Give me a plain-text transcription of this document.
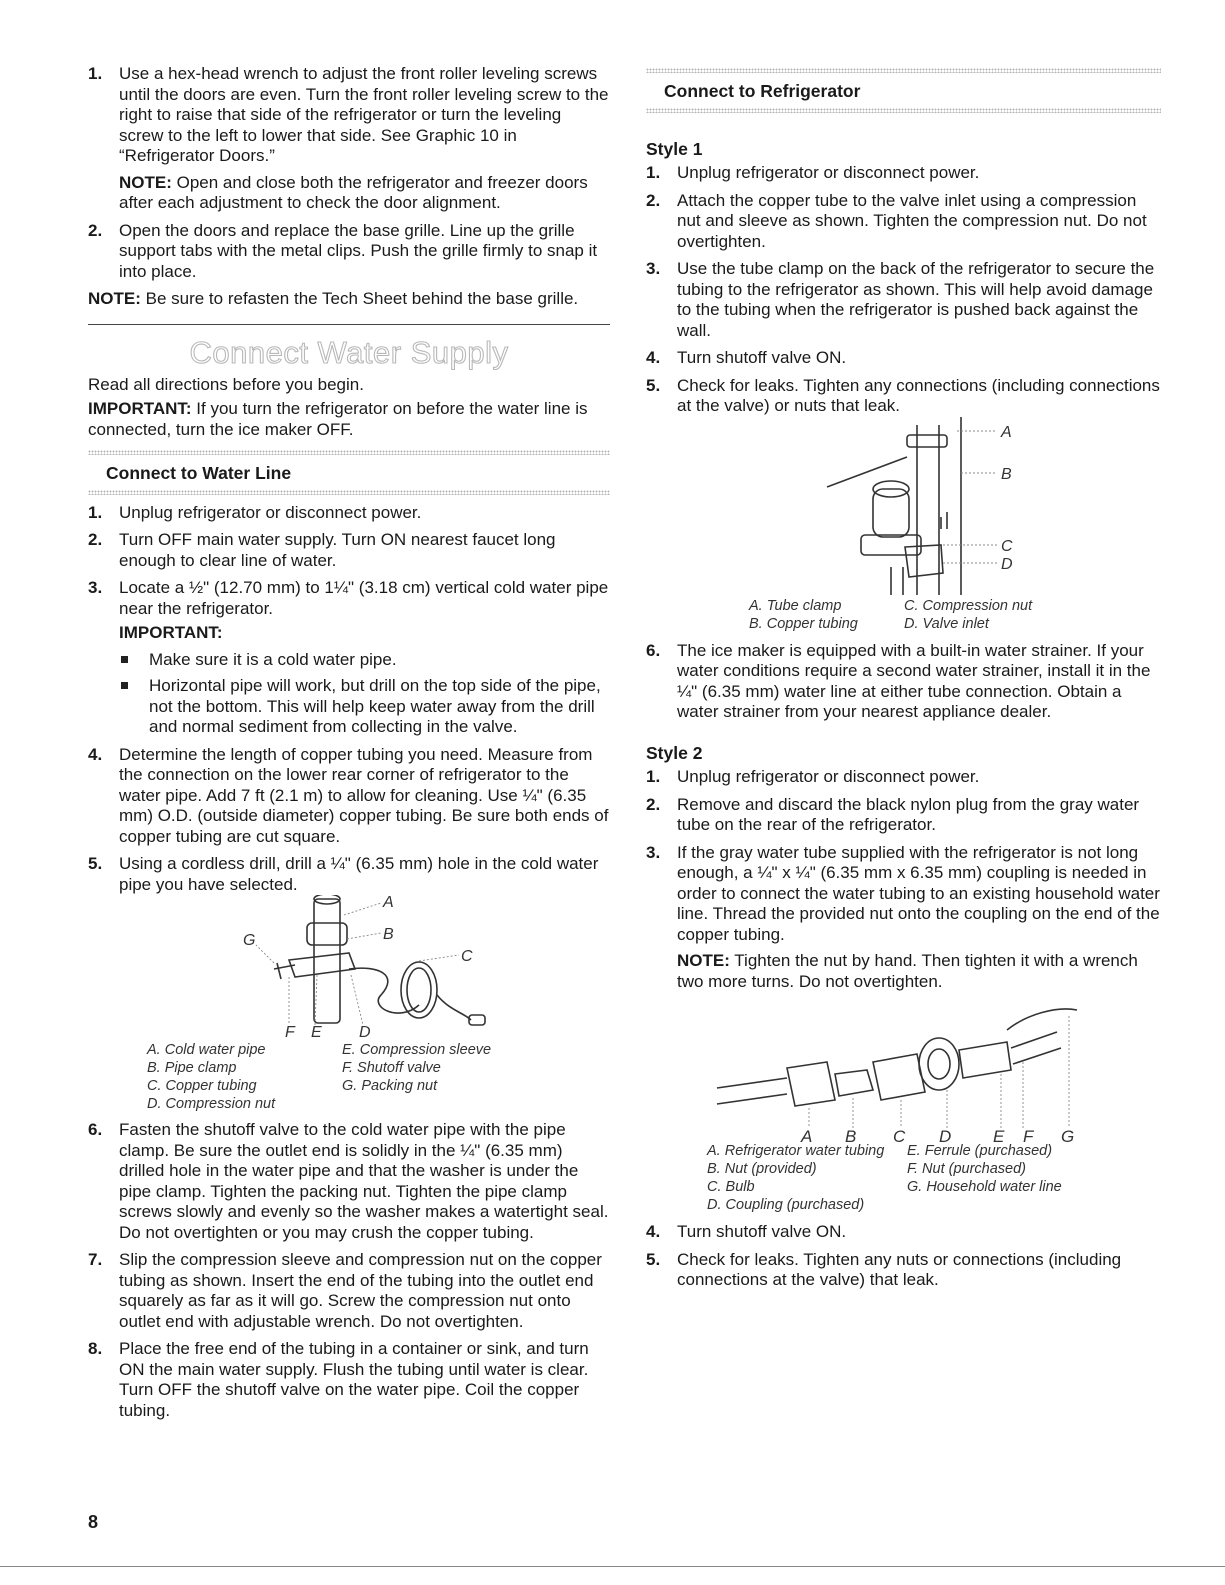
1. Use a hex-head wrench to adjust the front roller leveling screws until the doors are even. Turn the front roller leveling screw to the right to raise that side of the refrigerator or turn the leveling screw to the left to lower that side. See Graphic 10 in “Refrigerator Doors.”

NOTE: Open and close both the refrigerator and freezer doors after each adjustment to check the door alignment.

2. Open the doors and replace the base grille. Line up the grille support tabs with the metal clips. Push the grille firmly to snap it into place.

NOTE: Be sure to refasten the Tech Sheet behind the base grille.

Connect Water Supply

Read all directions before you begin.

IMPORTANT: If you turn the refrigerator on before the water line is connected, turn the ice maker OFF.

Connect to Water Line
1. Unplug refrigerator or disconnect power.

2. Turn OFF main water supply. Turn ON nearest faucet long enough to clear line of water.

3. Locate a ½" (12.70 mm) to 1¼" (3.18 cm) vertical cold water pipe near the refrigerator.

IMPORTANT:

Make sure it is a cold water pipe.
Horizontal pipe will work, but drill on the top side of the pipe, not the bottom. This will help keep water away from the drill and normal sediment from collecting in the valve.
4. Determine the length of copper tubing you need. Measure from the connection on the lower rear corner of refrigerator to the water pipe. Add 7 ft (2.1 m) to allow for cleaning. Use ¼" (6.35 mm) O.D. (outside diameter) copper tubing. Be sure both ends of copper tubing are cut square.

5. Using a cordless drill, drill a ¼" (6.35 mm) hole in the cold water pipe you have selected.

A
B
C
G
F E D
A. Cold water pipe	E. Compression sleeve
B. Pipe clamp	F. Shutoff valve
C. Copper tubing	G. Packing nut
D. Compression nut
6. Fasten the shutoff valve to the cold water pipe with the pipe clamp. Be sure the outlet end is solidly in the ¼" (6.35 mm) drilled hole in the water pipe and that the washer is under the pipe clamp. Tighten the packing nut. Tighten the pipe clamp screws slowly and evenly so the washer makes a watertight seal. Do not overtighten or you may crush the copper tubing.

7. Slip the compression sleeve and compression nut on the copper tubing as shown. Insert the end of the tubing into the outlet end squarely as far as it will go. Screw the compression nut onto outlet end with adjustable wrench. Do not overtighten.

8. Place the free end of the tubing in a container or sink, and turn ON the main water supply. Flush the tubing until water is clear. Turn OFF the shutoff valve on the water pipe. Coil the copper tubing.

Connect to Refrigerator
Style 1
1. Unplug refrigerator or disconnect power.

2. Attach the copper tube to the valve inlet using a compression nut and sleeve as shown. Tighten the compression nut. Do not overtighten.

3. Use the tube clamp on the back of the refrigerator to secure the tubing to the refrigerator as shown. This will help avoid damage to the tubing when the refrigerator is pushed back against the wall.

4. Turn shutoff valve ON.

5. Check for leaks. Tighten any connections (including connections at the valve) or nuts that leak.

A
B
C
D
A. Tube clamp	C. Compression nut
B. Copper tubing	D. Valve inlet
6. The ice maker is equipped with a built-in water strainer. If your water conditions require a second water strainer, install it in the ¼" (6.35 mm) water line at either tube connection. Obtain a water strainer from your nearest appliance dealer.

Style 2
1. Unplug refrigerator or disconnect power.

2. Remove and discard the black nylon plug from the gray water tube on the rear of the refrigerator.

3. If the gray water tube supplied with the refrigerator is not long enough, a ¼" x ¼" (6.35 mm x 6.35 mm) coupling is needed in order to connect the water tubing to an existing household water line. Thread the provided nut onto the coupling on the end of the copper tubing.

NOTE: Tighten the nut by hand. Then tighten it with a wrench two more turns. Do not overtighten.

A B C D E F G
A. Refrigerator water tubing	E. Ferrule (purchased)
B. Nut (provided)	F. Nut (purchased)
C. Bulb	G. Household water line
D. Coupling (purchased)
4. Turn shutoff valve ON.

5. Check for leaks. Tighten any nuts or connections (including connections at the valve) that leak.

8
